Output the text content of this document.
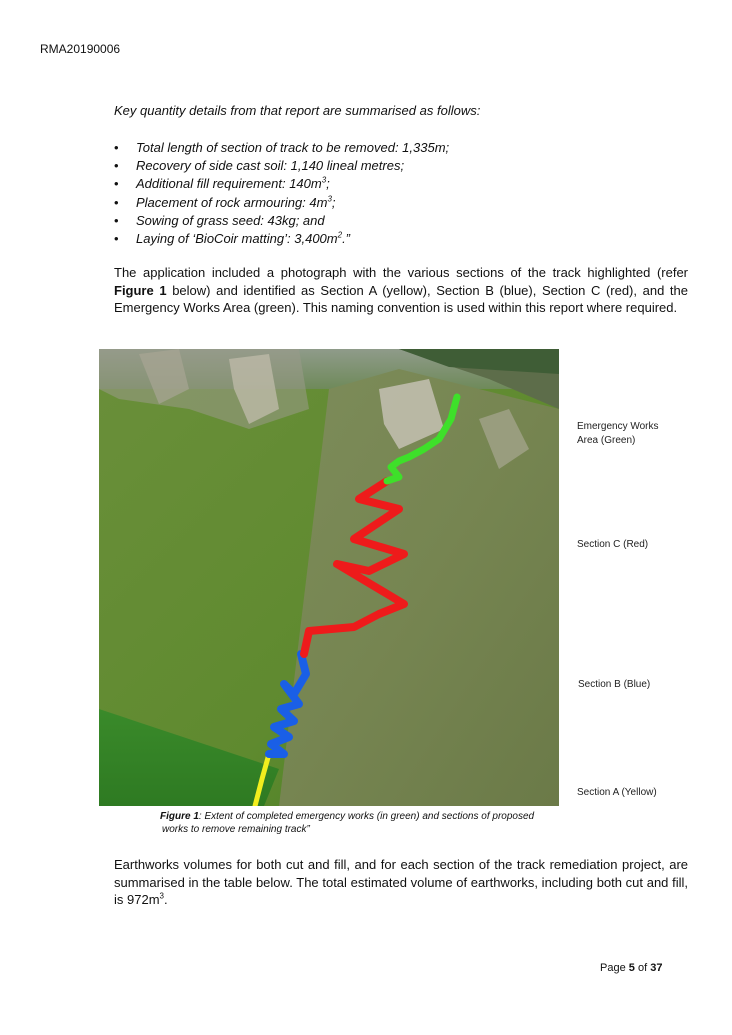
RMA20190006
Key quantity details from that report are summarised as follows:
• Total length of section of track to be removed: 1,335m;
• Recovery of side cast soil: 1,140 lineal metres;
• Additional fill requirement: $140m^3$;
• Placement of rock armouring: $4m^3$;
• Sowing of grass seed: 43kg; and
• Laying of ‘BioCoir matting’: $3,400m^2$.”

The application included a photograph with the various sections of the track highlighted (refer Figure 1 below) and identified as Section A (yellow), Section B (blue), Section C (red), and the Emergency Works Area (green). This naming convention is used within this report where required.

Emergency Works
Area (Green)
Section C (Red)
Section B (Blue)
Section A (Yellow)
Figure 1: Extent of completed emergency works (in green) and sections of proposed
works to remove remaining track”

Earthworks volumes for both cut and fill, and for each section of the track remediation project, are summarised in the table below. The total estimated volume of earthworks, including both cut and fill, is $972m^3$.

Page 5 of 37
